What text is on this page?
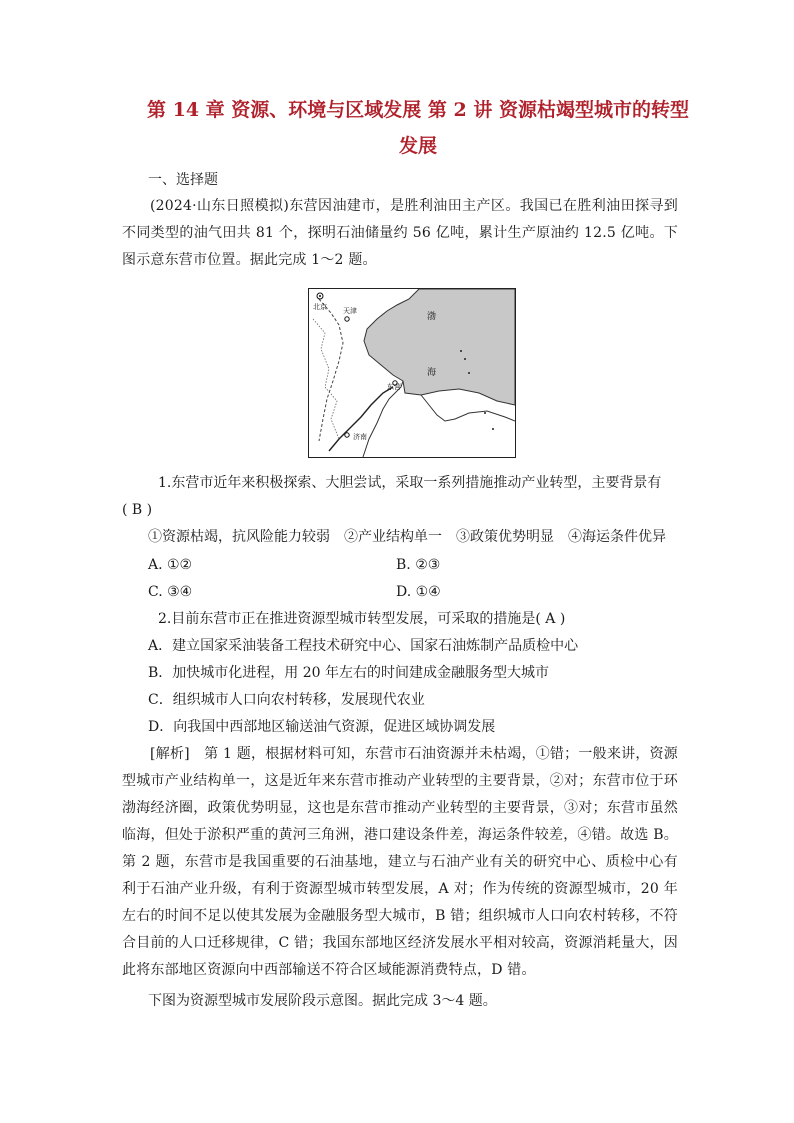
第 14 章 资源、环境与区域发展 第 2 讲 资源枯竭型城市的转型
发展
一、选择题
(2024·山东日照模拟)东营因油建市，是胜利油田主产区。我国已在胜利油田探寻到不同类型的油气田共 81 个，探明石油储量约 56 亿吨，累计生产原油约 12.5 亿吨。下图示意东营市位置。据此完成 1～2 题。
北京 天津
东营
济南
渤
海
1.东营市近年来积极探索、大胆尝试，采取一系列措施推动产业转型，主要背景有
( B )
①资源枯竭，抗风险能力较弱　②产业结构单一　③政策优势明显　④海运条件优异
A. ①②	B. ②③
C. ③④	D. ①④
2.目前东营市正在推进资源型城市转型发展，可采取的措施是( A )
A．建立国家采油装备工程技术研究中心、国家石油炼制产品质检中心
B．加快城市化进程，用 20 年左右的时间建成金融服务型大城市
C．组织城市人口向农村转移，发展现代农业
D．向我国中西部地区输送油气资源，促进区域协调发展
[解析]　第 1 题，根据材料可知，东营市石油资源并未枯竭，①错；一般来讲，资源型城市产业结构单一，这是近年来东营市推动产业转型的主要背景，②对；东营市位于环渤海经济圈，政策优势明显，这也是东营市推动产业转型的主要背景，③对；东营市虽然临海，但处于淤积严重的黄河三角洲，港口建设条件差，海运条件较差，④错。故选 B。第 2 题，东营市是我国重要的石油基地，建立与石油产业有关的研究中心、质检中心有利于石油产业升级，有利于资源型城市转型发展，A 对；作为传统的资源型城市，20 年左右的时间不足以使其发展为金融服务型大城市，B 错；组织城市人口向农村转移，不符合目前的人口迁移规律，C 错；我国东部地区经济发展水平相对较高，资源消耗量大，因此将东部地区资源向中西部输送不符合区域能源消费特点，D 错。
下图为资源型城市发展阶段示意图。据此完成 3～4 题。
